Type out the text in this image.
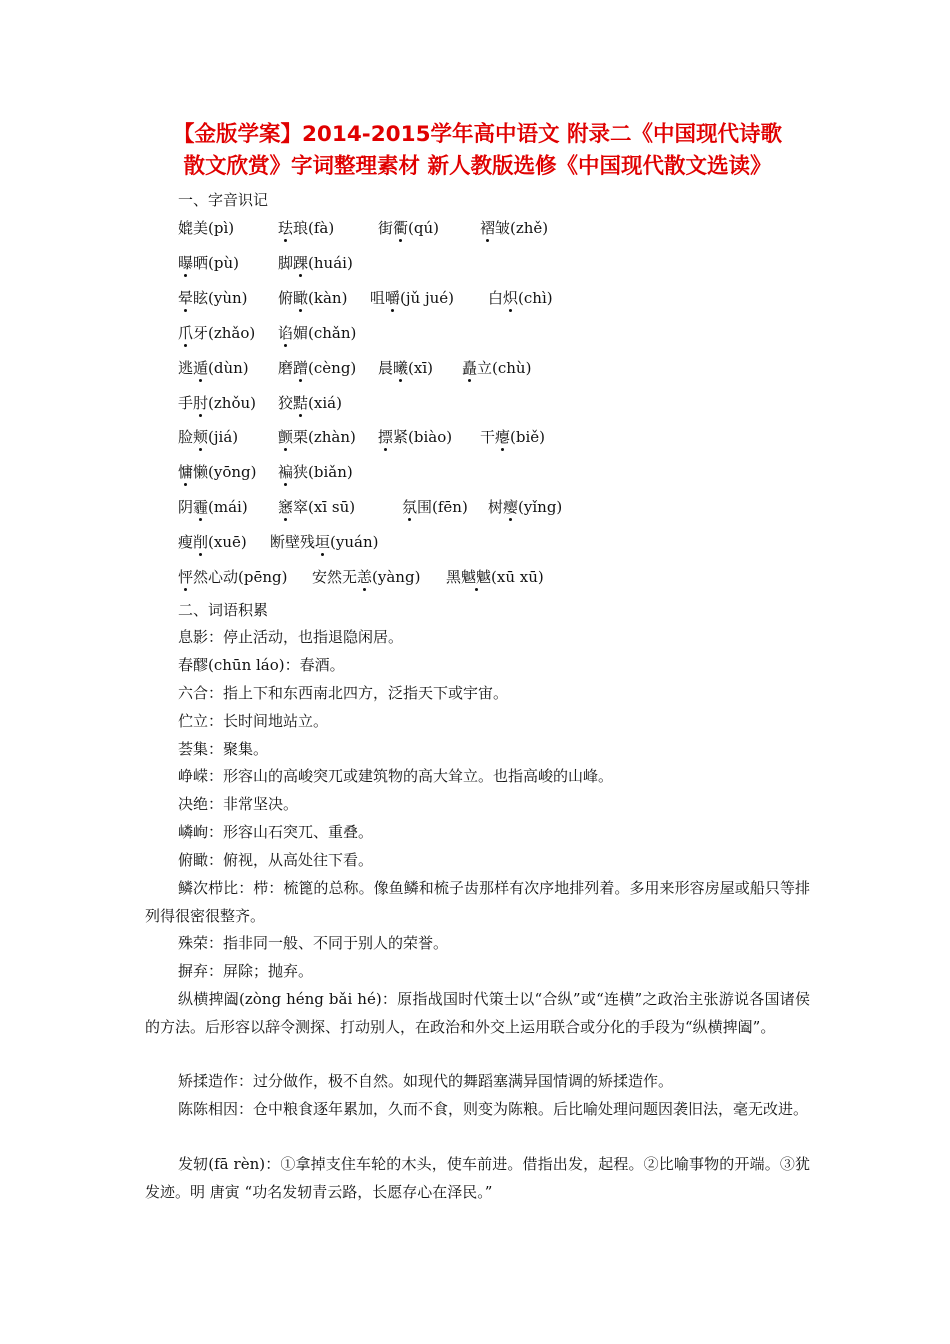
【金版学案】2014-2015学年高中语文 附录二《中国现代诗歌
散文欣赏》字词整理素材 新人教版选修《中国现代散文选读》
一、字音识记
媲美(pì)	珐琅(fà)	街衢(qú)	褶皱(zhě)
曝晒(pù)	脚踝(huái)
晕眩(yùn) 俯瞰(kàn) 咀嚼(jǔ jué) 白炽(chì)
爪牙(zhǎo) 谄媚(chǎn)
逃遁(dùn) 磨蹭(cèng) 晨曦(xī) 矗立(chù)
手肘(zhǒu) 狡黠(xiá)
脸颊(jiá)	颤栗(zhàn) 摽紧(biào) 干瘪(biě)
慵懒(yōng) 褊狭(biǎn)
阴霾(mái) 窸窣(xī sū)	氛围(fēn) 树瘿(yǐng)
瘦削(xuē) 断壁残垣(yuán)
怦然心动(pēng) 安然无恙(yàng) 黑魆魆(xū xū)
二、词语积累

息影：停止活动，也指退隐闲居。

春醪(chūn láo)：春酒。

六合：指上下和东西南北四方，泛指天下或宇宙。

伫立：长时间地站立。

荟集：聚集。

峥嵘：形容山的高峻突兀或建筑物的高大耸立。也指高峻的山峰。

决绝：非常坚决。

嶙峋：形容山石突兀、重叠。

俯瞰：俯视，从高处往下看。

鳞次栉比：栉：梳篦的总称。像鱼鳞和梳子齿那样有次序地排列着。多用来形容房屋或船只等排列得很密很整齐。

殊荣：指非同一般、不同于别人的荣誉。

摒弃：屏除；抛弃。

纵横捭阖(zòng héng bǎi hé)：原指战国时代策士以“合纵”或“连横”之政治主张游说各国诸侯的方法。后形容以辞令测探、打动别人，在政治和外交上运用联合或分化的手段为“纵横捭阖”。

矫揉造作：过分做作，极不自然。如现代的舞蹈塞满异国情调的矫揉造作。

陈陈相因：仓中粮食逐年累加，久而不食，则变为陈粮。后比喻处理问题因袭旧法，毫无改进。

发轫(fā rèn)：①拿掉支住车轮的木头，使车前进。借指出发，起程。②比喻事物的开端。③犹发迹。明 唐寅 “功名发轫青云路，长愿存心在泽民。”
